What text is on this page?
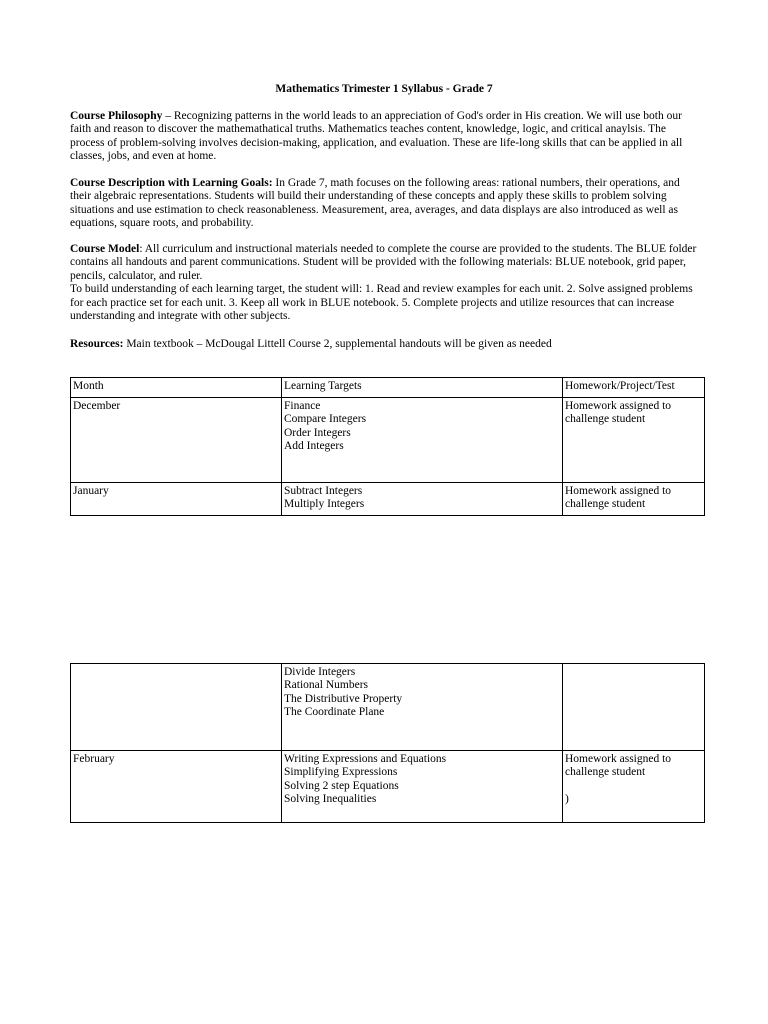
Mathematics Trimester 1 Syllabus - Grade 7
Course Philosophy – Recognizing patterns in the world leads to an appreciation of God's order in His creation. We will use both our faith and reason to discover the mathemathatical truths. Mathematics teaches content, knowledge, logic, and critical anaylsis. The process of problem-solving involves decision-making, application, and evaluation. These are life-long skills that can be applied in all classes, jobs, and even at home.
Course Description with Learning Goals: In Grade 7, math focuses on the following areas: rational numbers, their operations, and their algebraic representations. Students will build their understanding of these concepts and apply these skills to problem solving situations and use estimation to check reasonableness. Measurement, area, averages, and data displays are also introduced as well as equations, square roots, and probability.
Course Model: All curriculum and instructional materials needed to complete the course are provided to the students. The BLUE folder contains all handouts and parent communications. Student will be provided with the following materials: BLUE notebook, grid paper, pencils, calculator, and ruler.
To build understanding of each learning target, the student will: 1. Read and review examples for each unit. 2. Solve assigned problems for each practice set for each unit. 3. Keep all work in BLUE notebook. 5. Complete projects and utilize resources that can increase understanding and integrate with other subjects.
Resources: Main textbook – McDougal Littell Course 2, supplemental handouts will be given as needed
Month	Learning Targets	Homework/Project/Test
December	Finance
Compare Integers
Order Integers
Add Integers	Homework assigned to
challenge student

January	Subtract Integers
Multiply Integers	Homework assigned to
challenge student

	Divide Integers
Rational Numbers
The Distributive Property
The Coordinate Plane	

February	Writing Expressions and Equations
Simplifying Expressions
Solving 2 step Equations
Solving Inequalities	Homework assigned to
challenge student
)
